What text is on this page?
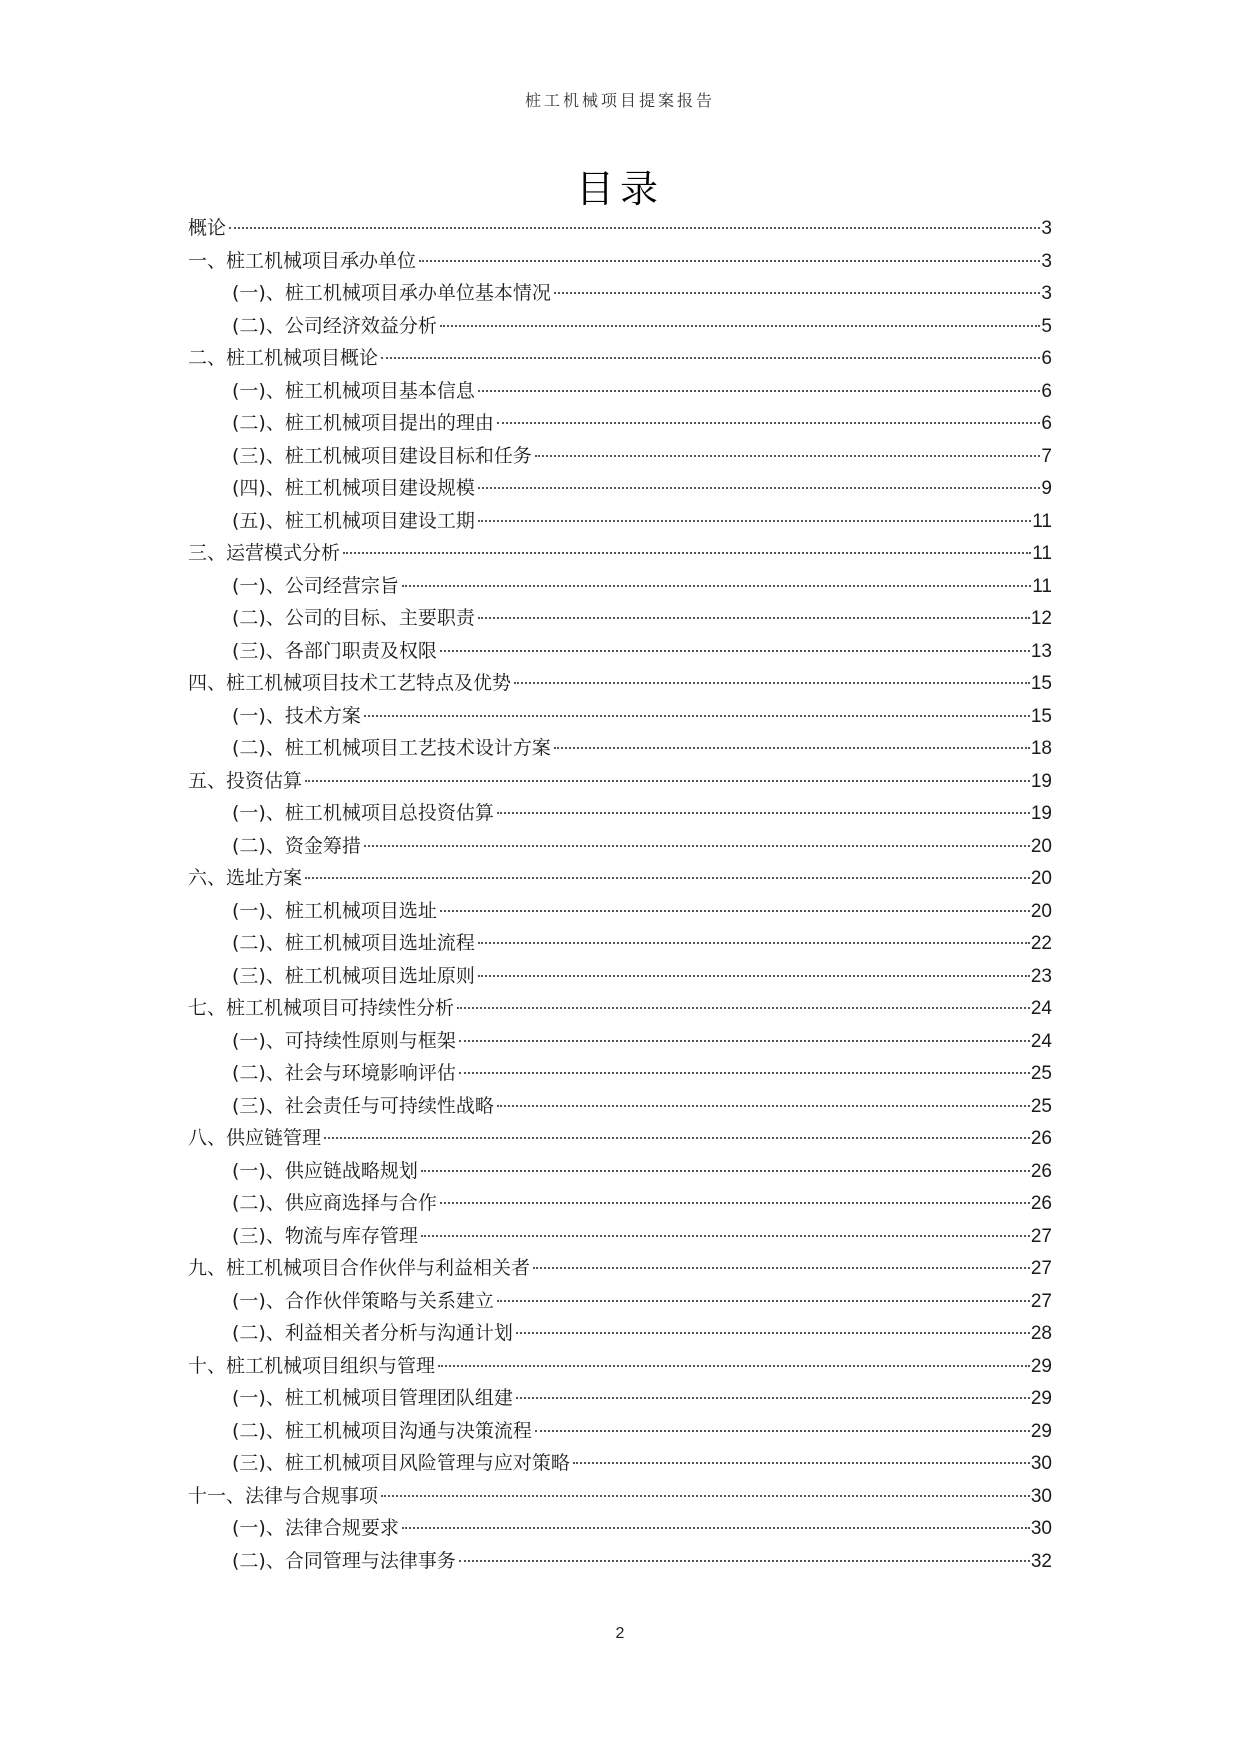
桩工机械项目提案报告
目录
概论	3
一、桩工机械项目承办单位	3
(一)、桩工机械项目承办单位基本情况	3
(二)、公司经济效益分析	5
二、桩工机械项目概论	6
(一)、桩工机械项目基本信息	6
(二)、桩工机械项目提出的理由	6
(三)、桩工机械项目建设目标和任务	7
(四)、桩工机械项目建设规模	9
(五)、桩工机械项目建设工期	11
三、运营模式分析	11
(一)、公司经营宗旨	11
(二)、公司的目标、主要职责	12
(三)、各部门职责及权限	13
四、桩工机械项目技术工艺特点及优势	15
(一)、技术方案	15
(二)、桩工机械项目工艺技术设计方案	18
五、投资估算	19
(一)、桩工机械项目总投资估算	19
(二)、资金筹措	20
六、选址方案	20
(一)、桩工机械项目选址	20
(二)、桩工机械项目选址流程	22
(三)、桩工机械项目选址原则	23
七、桩工机械项目可持续性分析	24
(一)、可持续性原则与框架	24
(二)、社会与环境影响评估	25
(三)、社会责任与可持续性战略	25
八、供应链管理	26
(一)、供应链战略规划	26
(二)、供应商选择与合作	26
(三)、物流与库存管理	27
九、桩工机械项目合作伙伴与利益相关者	27
(一)、合作伙伴策略与关系建立	27
(二)、利益相关者分析与沟通计划	28
十、桩工机械项目组织与管理	29
(一)、桩工机械项目管理团队组建	29
(二)、桩工机械项目沟通与决策流程	29
(三)、桩工机械项目风险管理与应对策略	30
十一、法律与合规事项	30
(一)、法律合规要求	30
(二)、合同管理与法律事务	32
2
